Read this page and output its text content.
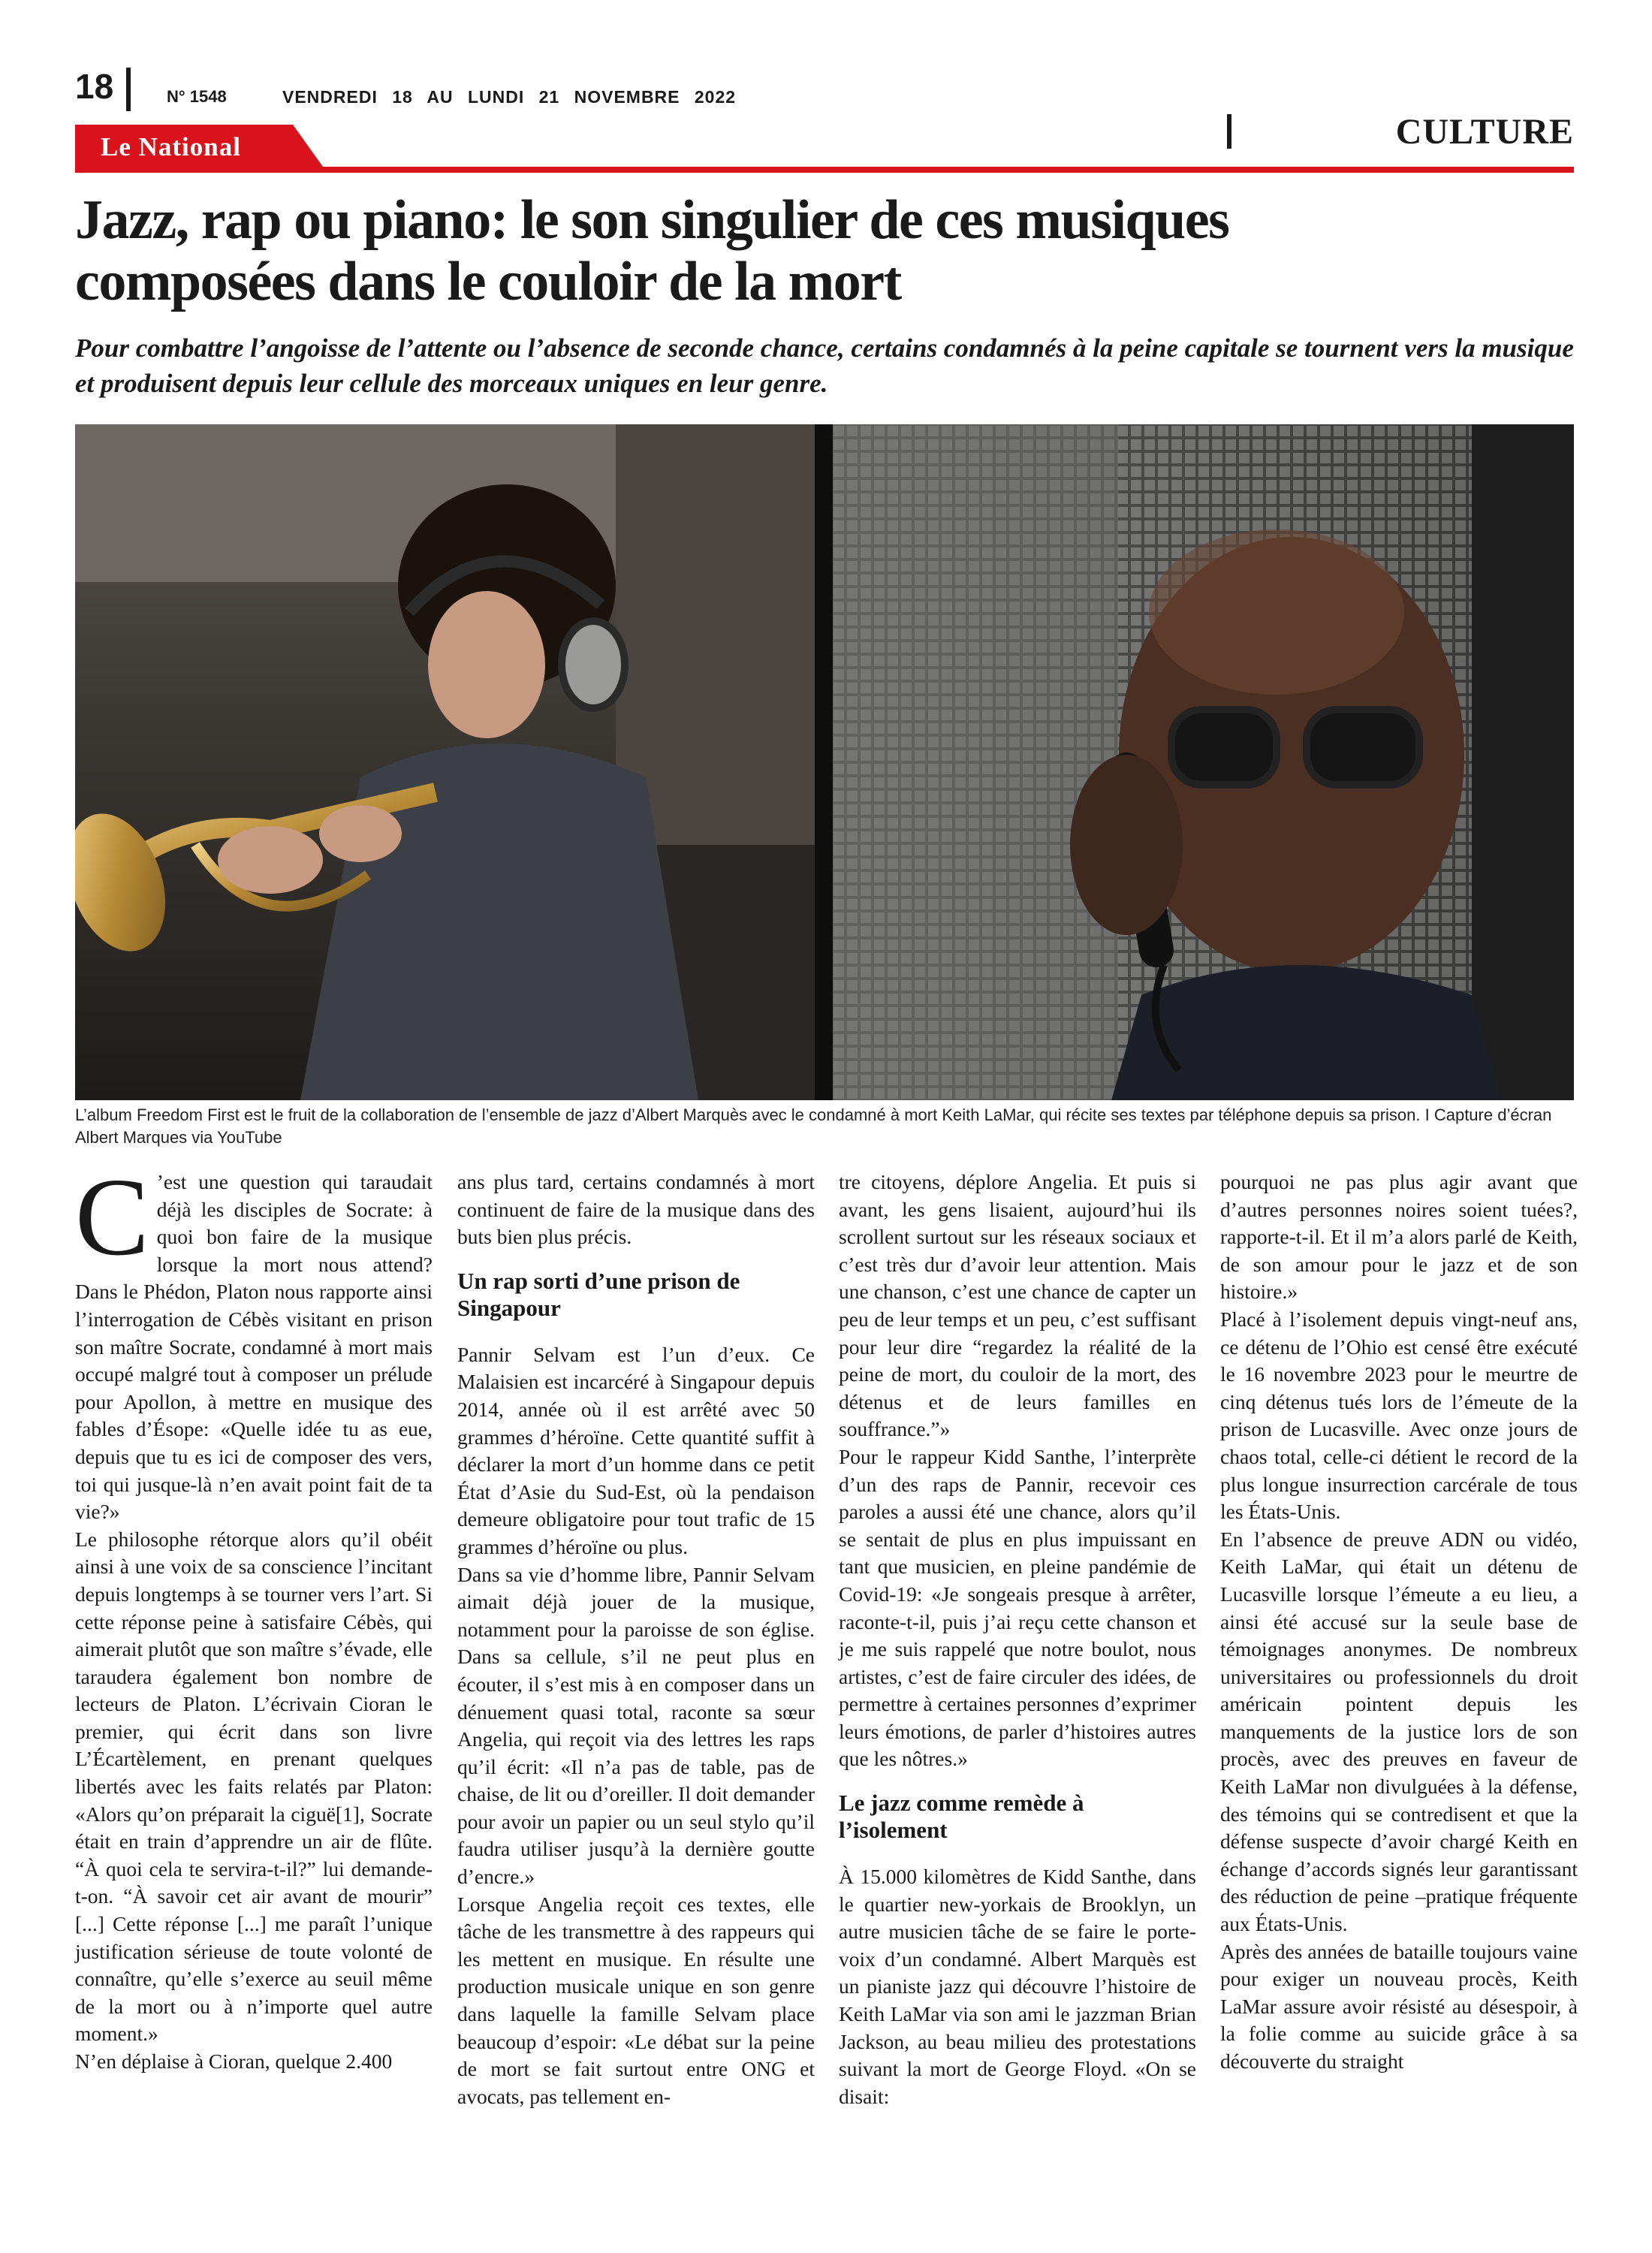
18	N° 1548	VENDREDI 18 AU LUNDI 21 NOVEMBRE 2022
CULTURE
Le National
Jazz, rap ou piano: le son singulier de ces musiques
composées dans le couloir de la mort

Pour combattre l’angoisse de l’attente ou l’absence de seconde chance, certains condamnés à la peine capitale se tournent vers la musique et produisent depuis leur cellule des morceaux uniques en leur genre.

L’album Freedom First est le fruit de la collaboration de l’ensemble de jazz d’Albert Marquès avec le condamné à mort Keith LaMar, qui récite ses textes par téléphone depuis sa prison. I Capture d’écran Albert Marques via YouTube

C ’est une question qui taraudait déjà les disciples de Socrate: à quoi bon faire de la musique lorsque la mort nous attend? Dans le Phédon, Platon nous rapporte ainsi l’interrogation de Cébès visitant en prison son maître Socrate, condamné à mort mais occupé malgré tout à composer un prélude pour Apollon, à mettre en musique des fables d’Ésope: «Quelle idée tu as eue, depuis que tu es ici de composer des vers, toi qui jusque-là n’en avait point fait de ta vie?»

Le philosophe rétorque alors qu’il obéit ainsi à une voix de sa conscience l’incitant depuis longtemps à se tourner vers l’art. Si cette réponse peine à satisfaire Cébès, qui aimerait plutôt que son maître s’évade, elle taraudera également bon nombre de lecteurs de Platon. L’écrivain Cioran le premier, qui écrit dans son livre L’Écartèlement, en prenant quelques libertés avec les faits relatés par Platon: «Alors qu’on préparait la ciguë[1], Socrate était en train d’apprendre un air de flûte. “À quoi cela te servira-t-il?” lui demande-t-on. “À savoir cet air avant de mourir” [...] Cette réponse [...] me paraît l’unique justification sérieuse de toute volonté de connaître, qu’elle s’exerce au seuil même de la mort ou à n’importe quel autre moment.»

N’en déplaise à Cioran, quelque 2.400

ans plus tard, certains condamnés à mort continuent de faire de la musique dans des buts bien plus précis.

Un rap sorti d’une prison de Singapour

Pannir Selvam est l’un d’eux. Ce Malaisien est incarcéré à Singapour depuis 2014, année où il est arrêté avec 50 grammes d’héroïne. Cette quantité suffit à déclarer la mort d’un homme dans ce petit État d’Asie du Sud-Est, où la pendaison demeure obligatoire pour tout trafic de 15 grammes d’héroïne ou plus.

Dans sa vie d’homme libre, Pannir Selvam aimait déjà jouer de la musique, notamment pour la paroisse de son église. Dans sa cellule, s’il ne peut plus en écouter, il s’est mis à en composer dans un dénuement quasi total, raconte sa sœur Angelia, qui reçoit via des lettres les raps qu’il écrit: «Il n’a pas de table, pas de chaise, de lit ou d’oreiller. Il doit demander pour avoir un papier ou un seul stylo qu’il faudra utiliser jusqu’à la dernière goutte d’encre.»

Lorsque Angelia reçoit ces textes, elle tâche de les transmettre à des rappeurs qui les mettent en musique. En résulte une production musicale unique en son genre dans laquelle la famille Selvam place beaucoup d’espoir: «Le débat sur la peine de mort se fait surtout entre ONG et avocats, pas tellement en-

tre citoyens, déplore Angelia. Et puis si avant, les gens lisaient, aujourd’hui ils scrollent surtout sur les réseaux sociaux et c’est très dur d’avoir leur attention. Mais une chanson, c’est une chance de capter un peu de leur temps et un peu, c’est suffisant pour leur dire “regardez la réalité de la peine de mort, du couloir de la mort, des détenus et de leurs familles en souffrance.”»

Pour le rappeur Kidd Santhe, l’interprète d’un des raps de Pannir, recevoir ces paroles a aussi été une chance, alors qu’il se sentait de plus en plus impuissant en tant que musicien, en pleine pandémie de Covid-19: «Je songeais presque à arrêter, raconte-t-il, puis j’ai reçu cette chanson et je me suis rappelé que notre boulot, nous artistes, c’est de faire circuler des idées, de permettre à certaines personnes d’exprimer leurs émotions, de parler d’histoires autres que les nôtres.»

Le jazz comme remède à l’isolement

À 15.000 kilomètres de Kidd Santhe, dans le quartier new-yorkais de Brooklyn, un autre musicien tâche de se faire le porte-voix d’un condamné. Albert Marquès est un pianiste jazz qui découvre l’histoire de Keith LaMar via son ami le jazzman Brian Jackson, au beau milieu des protestations suivant la mort de George Floyd. «On se disait:

pourquoi ne pas plus agir avant que d’autres personnes noires soient tuées?, rapporte-t-il. Et il m’a alors parlé de Keith, de son amour pour le jazz et de son histoire.»

Placé à l’isolement depuis vingt-neuf ans, ce détenu de l’Ohio est censé être exécuté le 16 novembre 2023 pour le meurtre de cinq détenus tués lors de l’émeute de la prison de Lucasville. Avec onze jours de chaos total, celle-ci détient le record de la plus longue insurrection carcérale de tous les États-Unis.

En l’absence de preuve ADN ou vidéo, Keith LaMar, qui était un détenu de Lucasville lorsque l’émeute a eu lieu, a ainsi été accusé sur la seule base de témoignages anonymes. De nombreux universitaires ou professionnels du droit américain pointent depuis les manquements de la justice lors de son procès, avec des preuves en faveur de Keith LaMar non divulguées à la défense, des témoins qui se contredisent et que la défense suspecte d’avoir chargé Keith en échange d’accords signés leur garantissant des réduction de peine –pratique fréquente aux États-Unis.

Après des années de bataille toujours vaine pour exiger un nouveau procès, Keith LaMar assure avoir résisté au désespoir, à la folie comme au suicide grâce à sa découverte du straight
